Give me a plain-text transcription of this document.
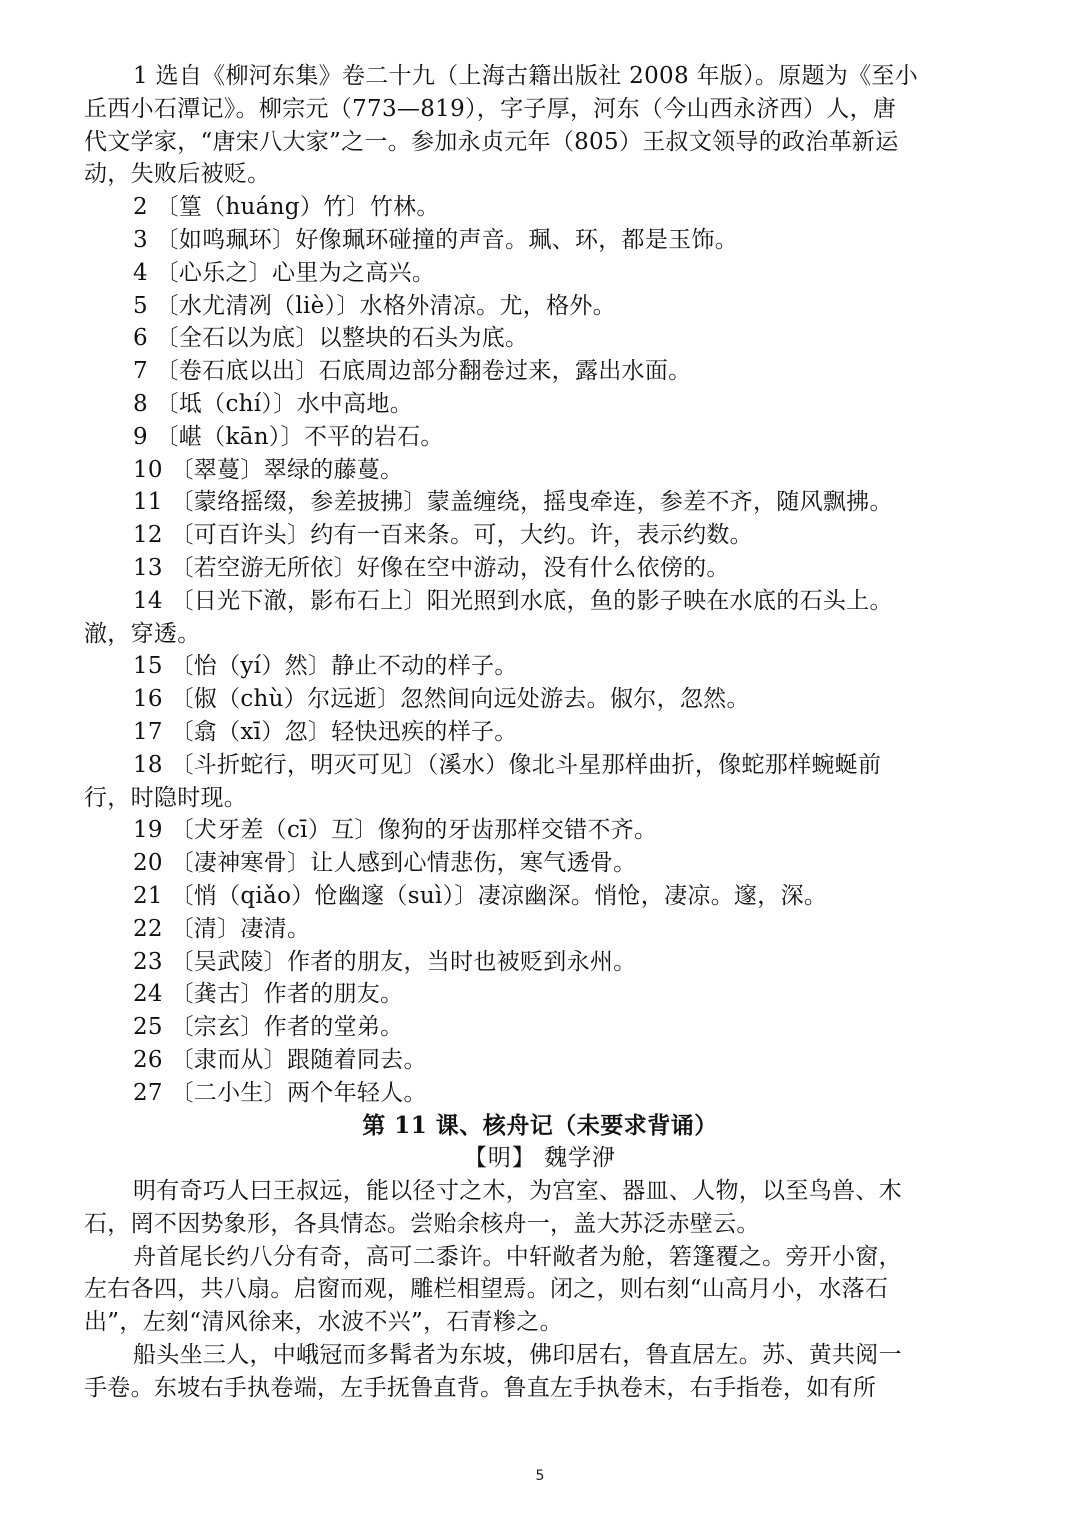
1 选自《柳河东集》卷二十九（上海古籍出版社 2008 年版）。原题为《至小
丘西小石潭记》。柳宗元（773—819），字子厚，河东（今山西永济西）人，唐
代文学家，“唐宋八大家”之一。参加永贞元年（805）王叔文领导的政治革新运
动，失败后被贬。
2 〔篁（huáng）竹〕竹林。
3 〔如鸣珮环〕好像珮环碰撞的声音。珮、环，都是玉饰。
4 〔心乐之〕心里为之高兴。
5 〔水尤清冽（liè）〕水格外清凉。尤，格外。
6 〔全石以为底〕以整块的石头为底。
7 〔卷石底以出〕石底周边部分翻卷过来，露出水面。
8 〔坻（chí）〕水中高地。
9 〔嵁（kān）〕不平的岩石。
10 〔翠蔓〕翠绿的藤蔓。
11 〔蒙络摇缀，参差披拂〕蒙盖缠绕，摇曳牵连，参差不齐，随风飘拂。
12 〔可百许头〕约有一百来条。可，大约。许，表示约数。
13 〔若空游无所依〕好像在空中游动，没有什么依傍的。
14 〔日光下澈，影布石上〕阳光照到水底，鱼的影子映在水底的石头上。
澈，穿透。
15 〔怡（yí）然〕静止不动的样子。
16 〔俶（chù）尔远逝〕忽然间向远处游去。俶尔，忽然。
17 〔翕（xī）忽〕轻快迅疾的样子。
18 〔斗折蛇行，明灭可见〕（溪水）像北斗星那样曲折，像蛇那样蜿蜒前
行，时隐时现。
19 〔犬牙差（cī）互〕像狗的牙齿那样交错不齐。
20 〔凄神寒骨〕让人感到心情悲伤，寒气透骨。
21 〔悄（qiǎo）怆幽邃（suì）〕凄凉幽深。悄怆，凄凉。邃，深。
22 〔清〕凄清。
23 〔吴武陵〕作者的朋友，当时也被贬到永州。
24 〔龚古〕作者的朋友。
25 〔宗玄〕作者的堂弟。
26 〔隶而从〕跟随着同去。
27 〔二小生〕两个年轻人。
第 11 课、核舟记（未要求背诵）
【明】 魏学洢
明有奇巧人曰王叔远，能以径寸之木，为宫室、器皿、人物，以至鸟兽、木
石，罔不因势象形，各具情态。尝贻余核舟一，盖大苏泛赤壁云。
舟首尾长约八分有奇，高可二黍许。中轩敞者为舱，箬篷覆之。旁开小窗，
左右各四，共八扇。启窗而观，雕栏相望焉。闭之，则右刻“山高月小，水落石
出”，左刻“清风徐来，水波不兴”，石青糁之。
船头坐三人，中峨冠而多髯者为东坡，佛印居右，鲁直居左。苏、黄共阅一
手卷。东坡右手执卷端，左手抚鲁直背。鲁直左手执卷末，右手指卷，如有所
5
